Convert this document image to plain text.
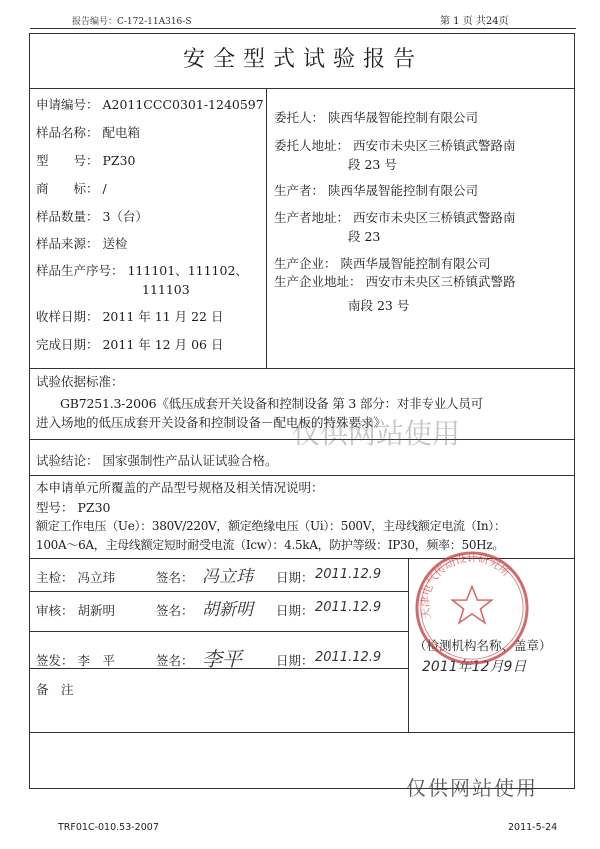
报告编号：C-172-11A316-S	第 1 页 共24页
安全型式试验报告
申请编号： A2011CCC0301-1240597
样品名称： 配电箱
型　　号： PZ30
商　　标： /
样品数量： 3（台）
样品来源： 送检
样品生产序号： 111101、111102、
111103
收样日期： 2011 年 11 月 22 日
完成日期： 2011 年 12 月 06 日
委托人： 陕西华晟智能控制有限公司
委托人地址： 西安市未央区三桥镇武警路南
段 23 号
生产者： 陕西华晟智能控制有限公司
生产者地址： 西安市未央区三桥镇武警路南
段 23
生产企业： 陕西华晟智能控制有限公司
生产企业地址： 西安市未央区三桥镇武警路
南段 23 号
试验依据标准：
GB7251.3-2006《低压成套开关设备和控制设备 第 3 部分：对非专业人员可
进入场地的低压成套开关设备和控制设备－配电板的特殊要求》
试验结论： 国家强制性产品认证试验合格。
仅供网站使用
本申请单元所覆盖的产品型号规格及相关情况说明：
型号： PZ30
额定工作电压（Ue）：380V/220V，额定绝缘电压（Ui）：500V，主母线额定电流（In）：
100A～6A，主母线额定短时耐受电流（Icw）：4.5kA，防护等级：IP30，频率：50Hz。
主检： 冯立玮	签名： 冯立玮 日期： 2011.12.9
审核： 胡新明	签名： 胡新明 日期： 2011.12.9
签发： 李　平	签名： 李平	日期： 2011.12.9
（检测机构名称、盖章）
2011年12月9日
备　注
天津电气传动设计研究所
仅供网站使用
TRF01C-010.53-2007	2011-5-24
